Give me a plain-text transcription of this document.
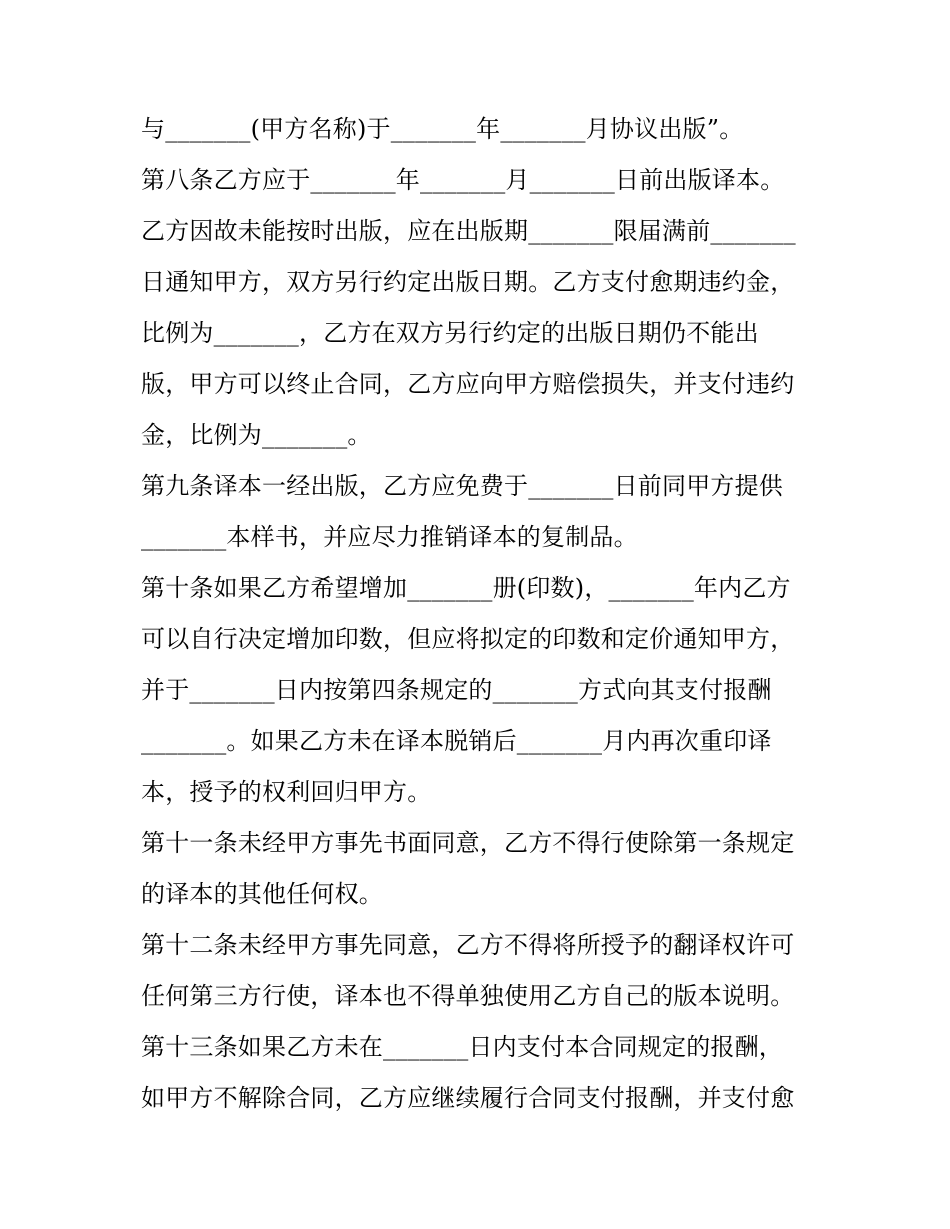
与_______(甲方名称)于_______年_______月协议出版”。
第八条乙方应于_______年_______月_______日前出版译本。
乙方因故未能按时出版，应在出版期_______限届满前_______
日通知甲方，双方另行约定出版日期。乙方支付愈期违约金，
比例为_______，乙方在双方另行约定的出版日期仍不能出
版，甲方可以终止合同，乙方应向甲方赔偿损失，并支付违约
金，比例为_______。
第九条译本一经出版，乙方应免费于_______日前同甲方提供
_______本样书，并应尽力推销译本的复制品。
第十条如果乙方希望增加_______册(印数)，_______年内乙方
可以自行决定增加印数，但应将拟定的印数和定价通知甲方，
并于_______日内按第四条规定的_______方式向其支付报酬
_______。如果乙方未在译本脱销后_______月内再次重印译
本，授予的权利回归甲方。
第十一条未经甲方事先书面同意，乙方不得行使除第一条规定
的译本的其他任何权。
第十二条未经甲方事先同意，乙方不得将所授予的翻译权许可
任何第三方行使，译本也不得单独使用乙方自己的版本说明。
第十三条如果乙方未在_______日内支付本合同规定的报酬，
如甲方不解除合同，乙方应继续履行合同支付报酬，并支付愈
